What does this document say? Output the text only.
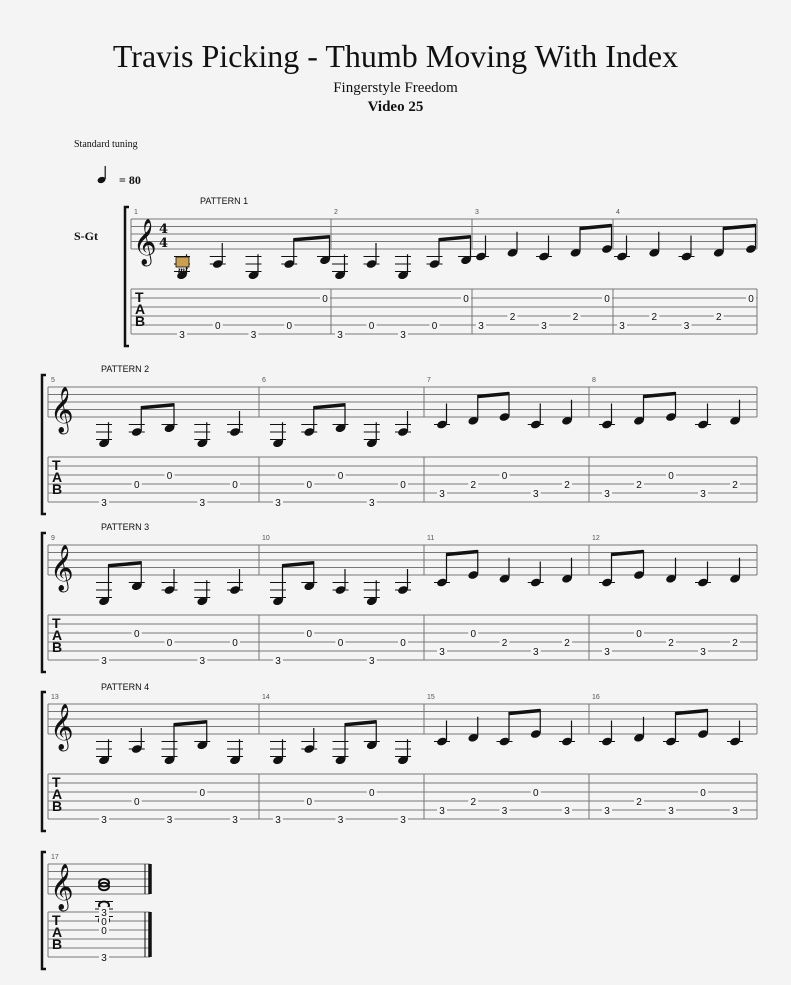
Travis Picking - Thumb Moving With Index
Fingerstyle Freedom
Video 25
Standard tuning
= 80
S-Gt 𝄞
T
A
B
4
4
PATTERN 1
1
3
0
3
0
0
mf
2
3
0
3
0
0
3
3
2
3
2
0
4
3
2
3
2
0
𝄞
T
A
B
PATTERN 2
5
3
0
0
3
0
6
3
0
0
3
0
7
3
2
0
3
2
8
3
2
0
3
2
𝄞
T
A
B
PATTERN 3
9
3
0
0
3
0
10
3
0
0
3
0
11
3
0
2
3
2
12
3
0
2
3
2
𝄞
T
A
B
PATTERN 4
13
3
0
3
0
3
14
3
0
3
0
3
15
3
2
3
0
3
16
3
2
3
0
3
𝄞
T
A
B
17
3
0
0
3
